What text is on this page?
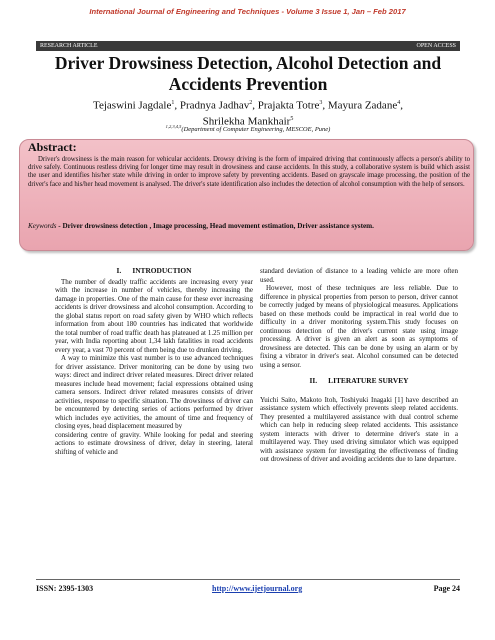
International Journal of Engineering and Techniques - Volume 3 Issue 1, Jan – Feb 2017
RESEARCH ARTICLE	OPEN ACCESS
Driver Drowsiness Detection, Alcohol Detection and Accidents Prevention
Tejaswini Jagdale$^1$, Pradnya Jadhav$^2$, Prajakta Totre$^3$, Mayura Zadane$^4$,
Shrilekha Mankhair$^5$
$^{1,2,3,4,5}$(Department of Computer Engineering, MESCOE, Pune)
Abstract:

Driver's drowsiness is the main reason for vehicular accidents. Drowsy driving is the form of impaired driving that continuously affects a person's ability to drive safely. Continuous restless driving for longer time may result in drowsiness and cause accidents. In this study, a collaborative system is build which assist the user and identifies his/her state while driving in order to improve safety by preventing accidents. Based on grayscale image processing, the position of the driver's face and his/her head movement is analysed. The driver's state identification also includes the detection of alcohol consumption with the help of sensors.

Keywords - Driver drowsiness detection , Image processing, Head movement estimation, Driver assistance system.
I.      INTRODUCTION

The number of deadly traffic accidents are increasing every year with the increase in number of vehicles, thereby increasing the damage in properties. One of the main cause for these ever increasing accidents is driver drowsiness and alcohol consumption. According to the global status report on road safety given by WHO which reflects information from about 180 countries has indicated that worldwide the total number of road traffic death has plateaued at 1.25 million per year, with India reporting about 1,34 lakh fatalities in road accidents every year, a vast 70 percent of them being due to drunken driving.

A way to minimize this vast number is to use advanced techniques for driver assistance. Driver monitoring can be done by using two ways: direct and indirect driver related measures. Direct driver related measures include head movement; facial expressions obtained using camera sensors. Indirect driver related measures consists of driver activities, response to specific situation. The drowsiness of driver can be encountered by detecting series of actions performed by driver which includes eye activities, the amount of time and frequency of closing eyes, head displacement measured by

considering centre of gravity. While looking for pedal and steering actions to estimate drowsiness of driver, delay in steering, lateral shifting of vehicle and

standard deviation of distance to a leading vehicle are more often used.

However, most of these techniques are less reliable. Due to difference in physical properties from person to person, driver cannot be correctly judged by means of physiological measures. Applications based on these methods could be impractical in real world due to difficulty in a driver monitoring system.This study focuses on continuous detection of the driver's current state using image processing. A driver is given an alert as soon as symptoms of drowsiness are detected. This can be done by using an alarm or by fixing a vibrator in driver's seat. Alcohol consumed can be detected using a sensor.

II.      LITERATURE SURVEY

Yuichi Saito, Makoto Itoh, Toshiyuki Inagaki [1] have described an assistance system which effectively prevents sleep related accidents. They presented a multilayered assistance with dual control scheme which can help in reducing sleep related accidents. This assistance system interacts with driver to determine driver's state in a multilayered way. They used driving simulator which was equipped with assistance system for investigating the effectiveness of finding out drowsiness of driver and avoiding accidents due to lane departure.

ISSN: 2395-1303	http://www.ijetjournal.org	Page 24
